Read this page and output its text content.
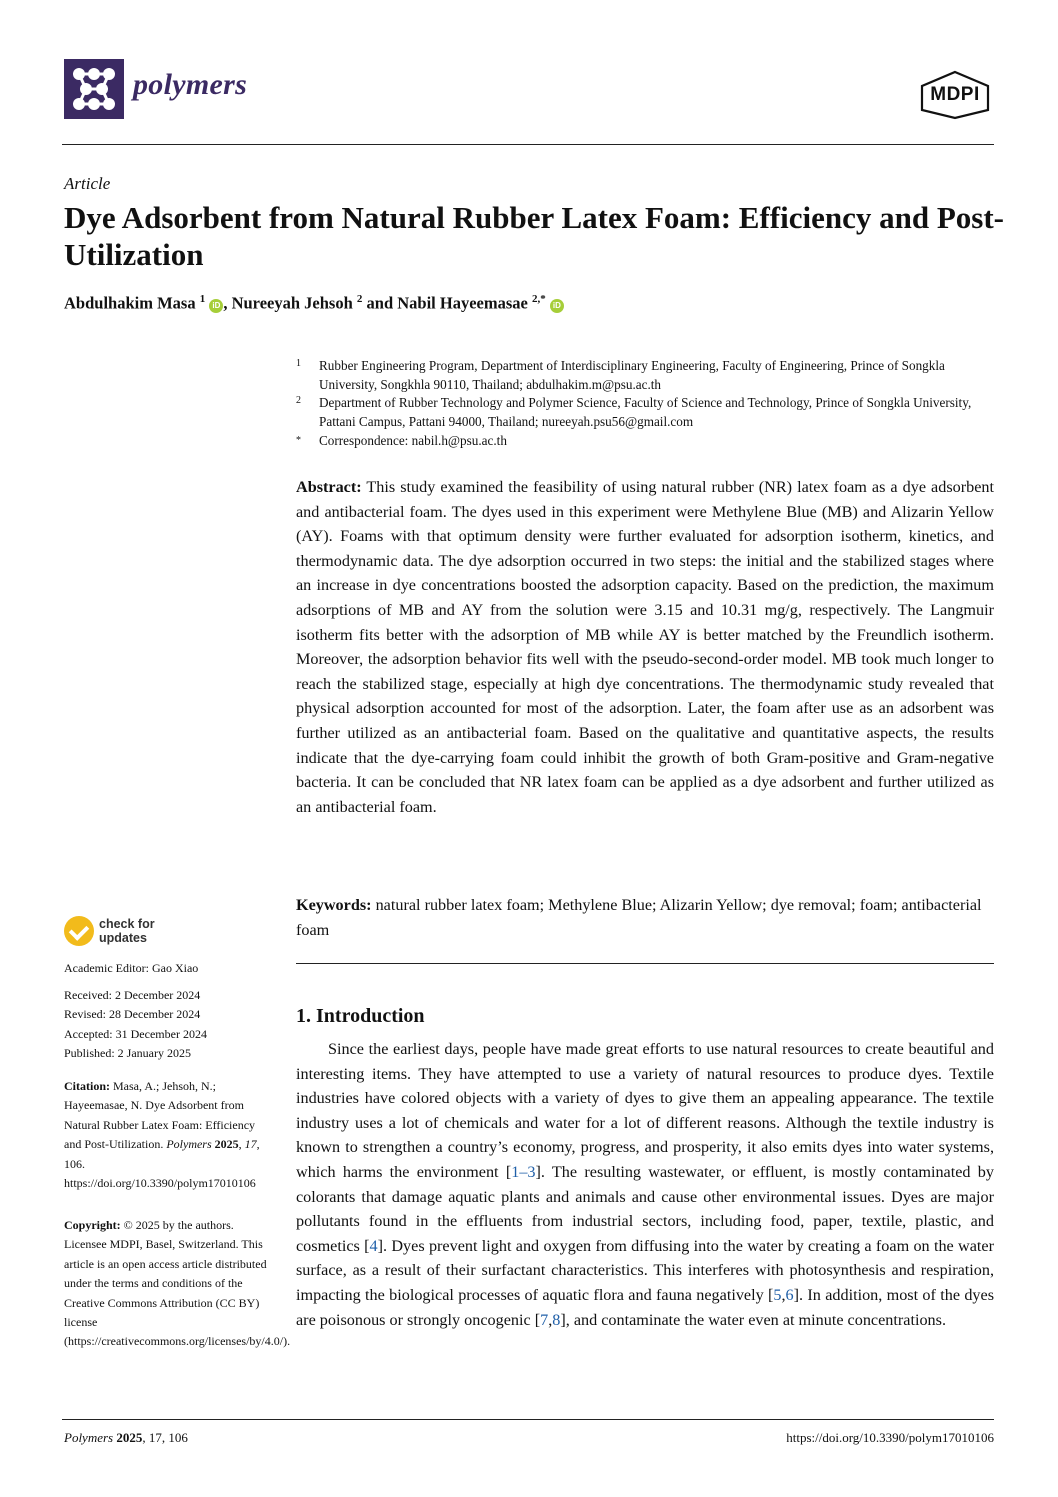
polymers	MDPI
Article
Dye Adsorbent from Natural Rubber Latex Foam: Efficiency and Post-Utilization
Abdulhakim Masa $^1$ iD , Nureeyah Jehsoh $^2$ and Nabil Hayeemasae $^{2,*}$ iD
1 Rubber Engineering Program, Department of Interdisciplinary Engineering, Faculty of Engineering, Prince of Songkla University, Songkhla 90110, Thailand; abdulhakim.m@psu.ac.th
2 Department of Rubber Technology and Polymer Science, Faculty of Science and Technology, Prince of Songkla University, Pattani Campus, Pattani 94000, Thailand; nureeyah.psu56@gmail.com
* Correspondence: nabil.h@psu.ac.th
Abstract: This study examined the feasibility of using natural rubber (NR) latex foam as a dye adsorbent and antibacterial foam. The dyes used in this experiment were Methylene Blue (MB) and Alizarin Yellow (AY). Foams with that optimum density were further evaluated for adsorption isotherm, kinetics, and thermodynamic data. The dye adsorption occurred in two steps: the initial and the stabilized stages where an increase in dye concentrations boosted the adsorption capacity. Based on the prediction, the maximum adsorptions of MB and AY from the solution were 3.15 and 10.31 mg/g, respectively. The Langmuir isotherm fits better with the adsorption of MB while AY is better matched by the Freundlich isotherm. Moreover, the adsorption behavior fits well with the pseudo-second-order model. MB took much longer to reach the stabilized stage, especially at high dye concentrations. The thermodynamic study revealed that physical adsorption accounted for most of the adsorption. Later, the foam after use as an adsorbent was further utilized as an antibacterial foam. Based on the qualitative and quantitative aspects, the results indicate that the dye-carrying foam could inhibit the growth of both Gram-positive and Gram-negative bacteria. It can be concluded that NR latex foam can be applied as a dye adsorbent and further utilized as an antibacterial foam.
Keywords: natural rubber latex foam; Methylene Blue; Alizarin Yellow; dye removal; foam; antibacterial foam
1. Introduction
Since the earliest days, people have made great efforts to use natural resources to create beautiful and interesting items. They have attempted to use a variety of natural resources to produce dyes. Textile industries have colored objects with a variety of dyes to give them an appealing appearance. The textile industry uses a lot of chemicals and water for a lot of different reasons. Although the textile industry is known to strengthen a country’s economy, progress, and prosperity, it also emits dyes into water systems, which harms the environment [1–3]. The resulting wastewater, or effluent, is mostly contaminated by colorants that damage aquatic plants and animals and cause other environmental issues. Dyes are major pollutants found in the effluents from industrial sectors, including food, paper, textile, plastic, and cosmetics [4]. Dyes prevent light and oxygen from diffusing into the water by creating a foam on the water surface, as a result of their surfactant characteristics. This interferes with photosynthesis and respiration, impacting the biological processes of aquatic flora and fauna negatively [5,6]. In addition, most of the dyes are poisonous or strongly oncogenic [7,8], and contaminate the water even at minute concentrations.
check for
updates
Academic Editor: Gao Xiao
Received: 2 December 2024
Revised: 28 December 2024
Accepted: 31 December 2024
Published: 2 January 2025
Citation: Masa, A.; Jehsoh, N.; Hayeemasae, N. Dye Adsorbent from Natural Rubber Latex Foam: Efficiency and Post-Utilization. Polymers 2025, 17, 106. https://doi.org/10.3390/polym17010106
Copyright: © 2025 by the authors. Licensee MDPI, Basel, Switzerland. This article is an open access article distributed under the terms and conditions of the Creative Commons Attribution (CC BY) license (https://creativecommons.org/licenses/by/4.0/).
Polymers 2025, 17, 106	https://doi.org/10.3390/polym17010106
